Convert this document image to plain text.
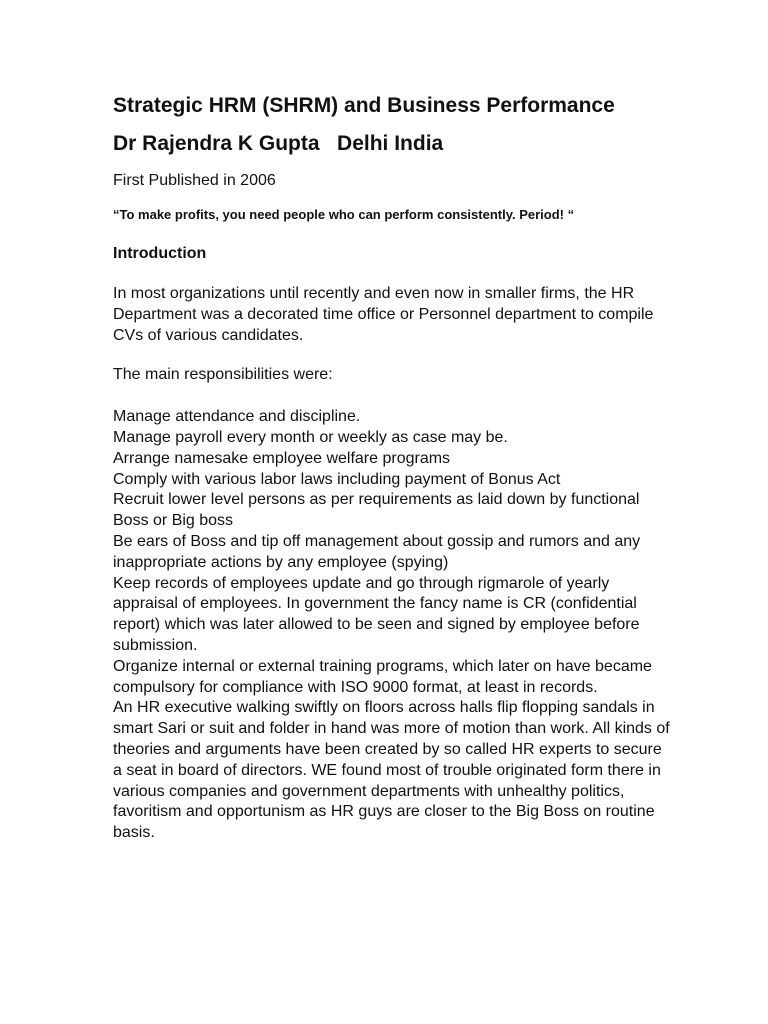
Strategic HRM (SHRM) and Business Performance
Dr Rajendra K Gupta   Delhi India

First Published in 2006

“To make profits, you need people who can perform consistently. Period! “

Introduction

In most organizations until recently and even now in smaller firms, the HR Department was a decorated time office or Personnel department to compile CVs of various candidates.

The main responsibilities were:

Manage attendance and discipline.
Manage payroll every month or weekly as case may be.
Arrange namesake employee welfare programs
Comply with various labor laws including payment of Bonus Act
Recruit lower level persons as per requirements as laid down by functional Boss or Big boss
Be ears of Boss and tip off management about gossip and rumors and any inappropriate actions by any employee (spying)
Keep records of employees update and go through rigmarole of yearly appraisal of employees. In government the fancy name is CR (confidential report) which was later allowed to be seen and signed by employee before submission.
Organize internal or external training programs, which later on have became compulsory for compliance with ISO 9000 format, at least in records.
An HR executive walking swiftly on floors across halls flip flopping sandals in smart Sari or suit and folder in hand was more of motion than work. All kinds of theories and arguments have been created by so called HR experts to secure a seat in board of directors. WE found most of trouble originated form there in various companies and government departments with unhealthy politics, favoritism and opportunism as HR guys are closer to the Big Boss on routine basis.
